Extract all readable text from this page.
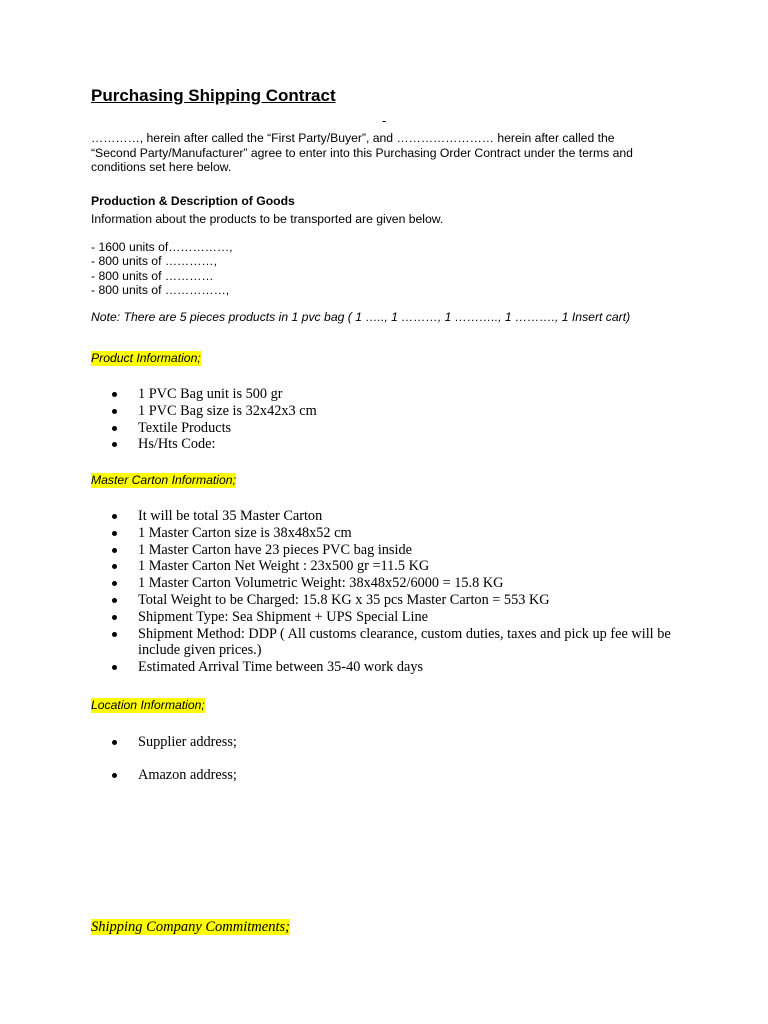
Purchasing Shipping Contract
-
…………, herein after called the “First Party/Buyer”, and …………………… herein after called the
“Second Party/Manufacturer” agree to enter into this Purchasing Order Contract under the terms and
conditions set here below.
Production & Description of Goods
Information about the products to be transported are given below.
- 1600 units of……………,
- 800 units of …………,
- 800 units of …………
- 800 units of ……………,
Note: There are 5 pieces products in 1 pvc bag ( 1 ….., 1 ………, 1 ……….., 1 ………., 1 Insert cart)
Product Information;
1 PVC Bag unit is 500 gr
1 PVC Bag size is 32x42x3 cm
Textile Products
Hs/Hts Code:
Master Carton Information;
It will be total 35 Master Carton
1 Master Carton size is 38x48x52 cm
1 Master Carton have 23 pieces PVC bag inside
1 Master Carton Net Weight : 23x500 gr =11.5 KG
1 Master Carton Volumetric Weight: 38x48x52/6000 = 15.8 KG
Total Weight to be Charged: 15.8 KG x 35 pcs Master Carton = 553 KG
Shipment Type: Sea Shipment + UPS Special Line
Shipment Method: DDP ( All customs clearance, custom duties, taxes and pick up fee will be include given prices.)
Estimated Arrival Time between 35-40 work days
Location Information;
Supplier address;
Amazon address;
Shipping Company Commitments;
